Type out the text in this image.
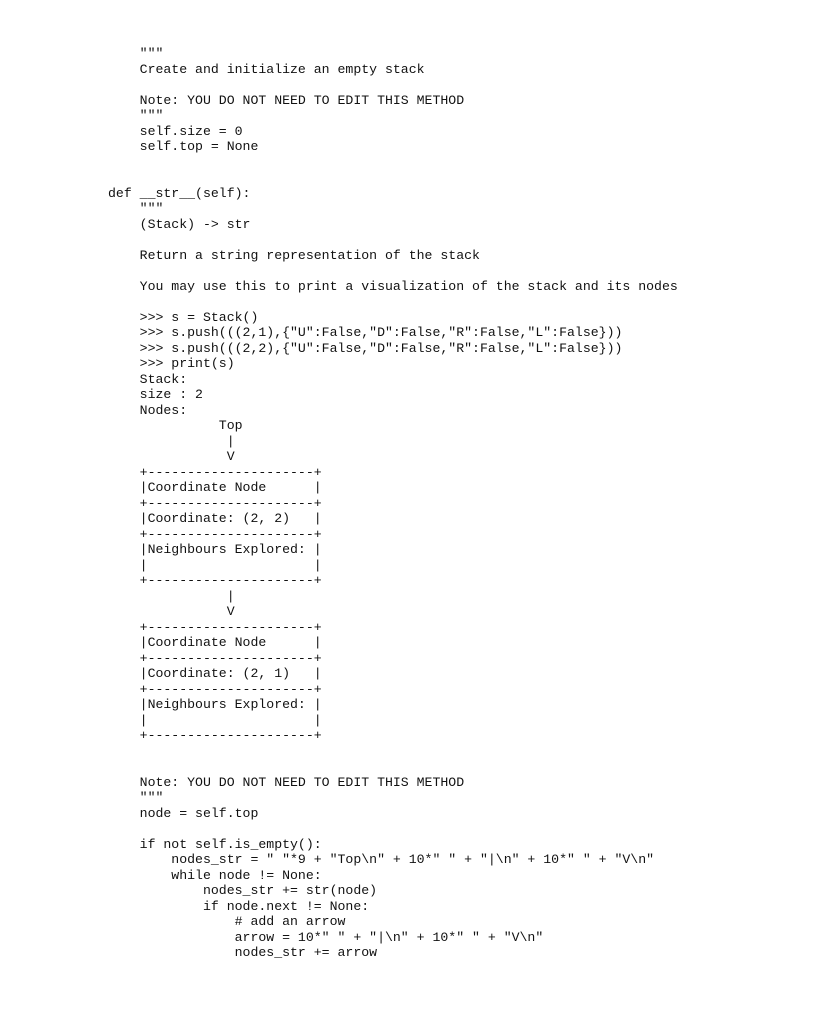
"""
Create and initialize an empty stack
Note: YOU DO NOT NEED TO EDIT THIS METHOD
"""
self.size = 0
self.top = None
def __str__(self):
"""
(Stack) -> str
Return a string representation of the stack
You may use this to print a visualization of the stack and its nodes
>>> s = Stack()
>>> s.push(((2,1),{"U":False,"D":False,"R":False,"L":False}))
>>> s.push(((2,2),{"U":False,"D":False,"R":False,"L":False}))
>>> print(s)
Stack:
size : 2
Nodes:
Top
|
V
+---------------------+
|Coordinate Node      |
+---------------------+
|Coordinate: (2, 2)   |
+---------------------+
|Neighbours Explored: |
|                     |
+---------------------+
|
V
+---------------------+
|Coordinate Node      |
+---------------------+
|Coordinate: (2, 1)   |
+---------------------+
|Neighbours Explored: |
|                     |
+---------------------+
Note: YOU DO NOT NEED TO EDIT THIS METHOD
"""
node = self.top
if not self.is_empty():
nodes_str = " "*9 + "Top\n" + 10*" " + "|\n" + 10*" " + "V\n"
while node != None:
nodes_str += str(node)
if node.next != None:
# add an arrow
arrow = 10*" " + "|\n" + 10*" " + "V\n"
nodes_str += arrow
